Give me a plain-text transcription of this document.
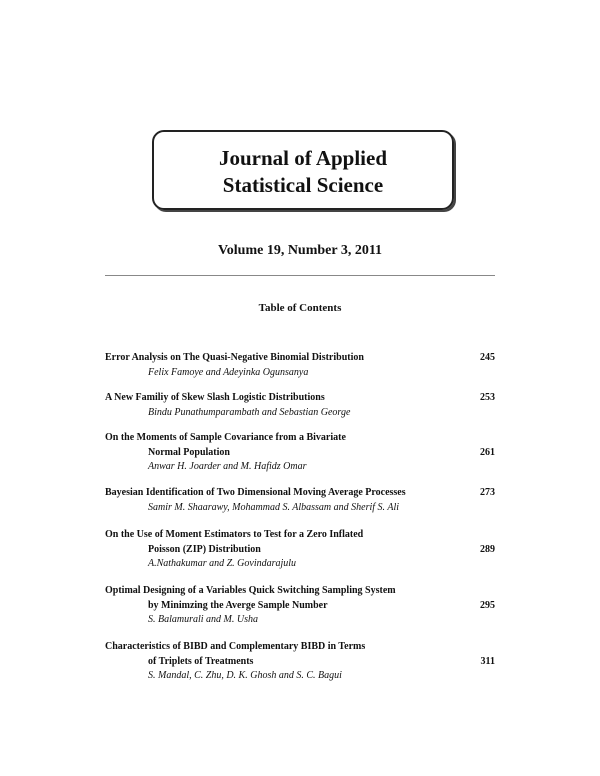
Journal of Applied
Statistical Science
Volume 19, Number 3, 2011
Table of Contents
Error Analysis on The Quasi-Negative Binomial Distribution	245
Felix Famoye and Adeyinka Ogunsanya
A New Familiy of Skew Slash Logistic Distributions	253
Bindu Punathumparambath and Sebastian George
On the Moments of Sample Covariance from a Bivariate
Normal Population	261
Anwar H. Joarder and M. Hafidz Omar
Bayesian Identification of Two Dimensional Moving Average Processes	273
Samir M. Shaarawy, Mohammad S. Albassam and Sherif S. Ali
On the Use of Moment Estimators to Test for a Zero Inflated
Poisson (ZIP) Distribution	289
A.Nathakumar and Z. Govindarajulu
Optimal Designing of a Variables Quick Switching Sampling System
by Minimzing the Averge Sample Number	295
S. Balamurali and M. Usha
Characteristics of BIBD and Complementary BIBD in Terms
of Triplets of Treatments	311
S. Mandal, C. Zhu, D. K. Ghosh and S. C. Bagui
